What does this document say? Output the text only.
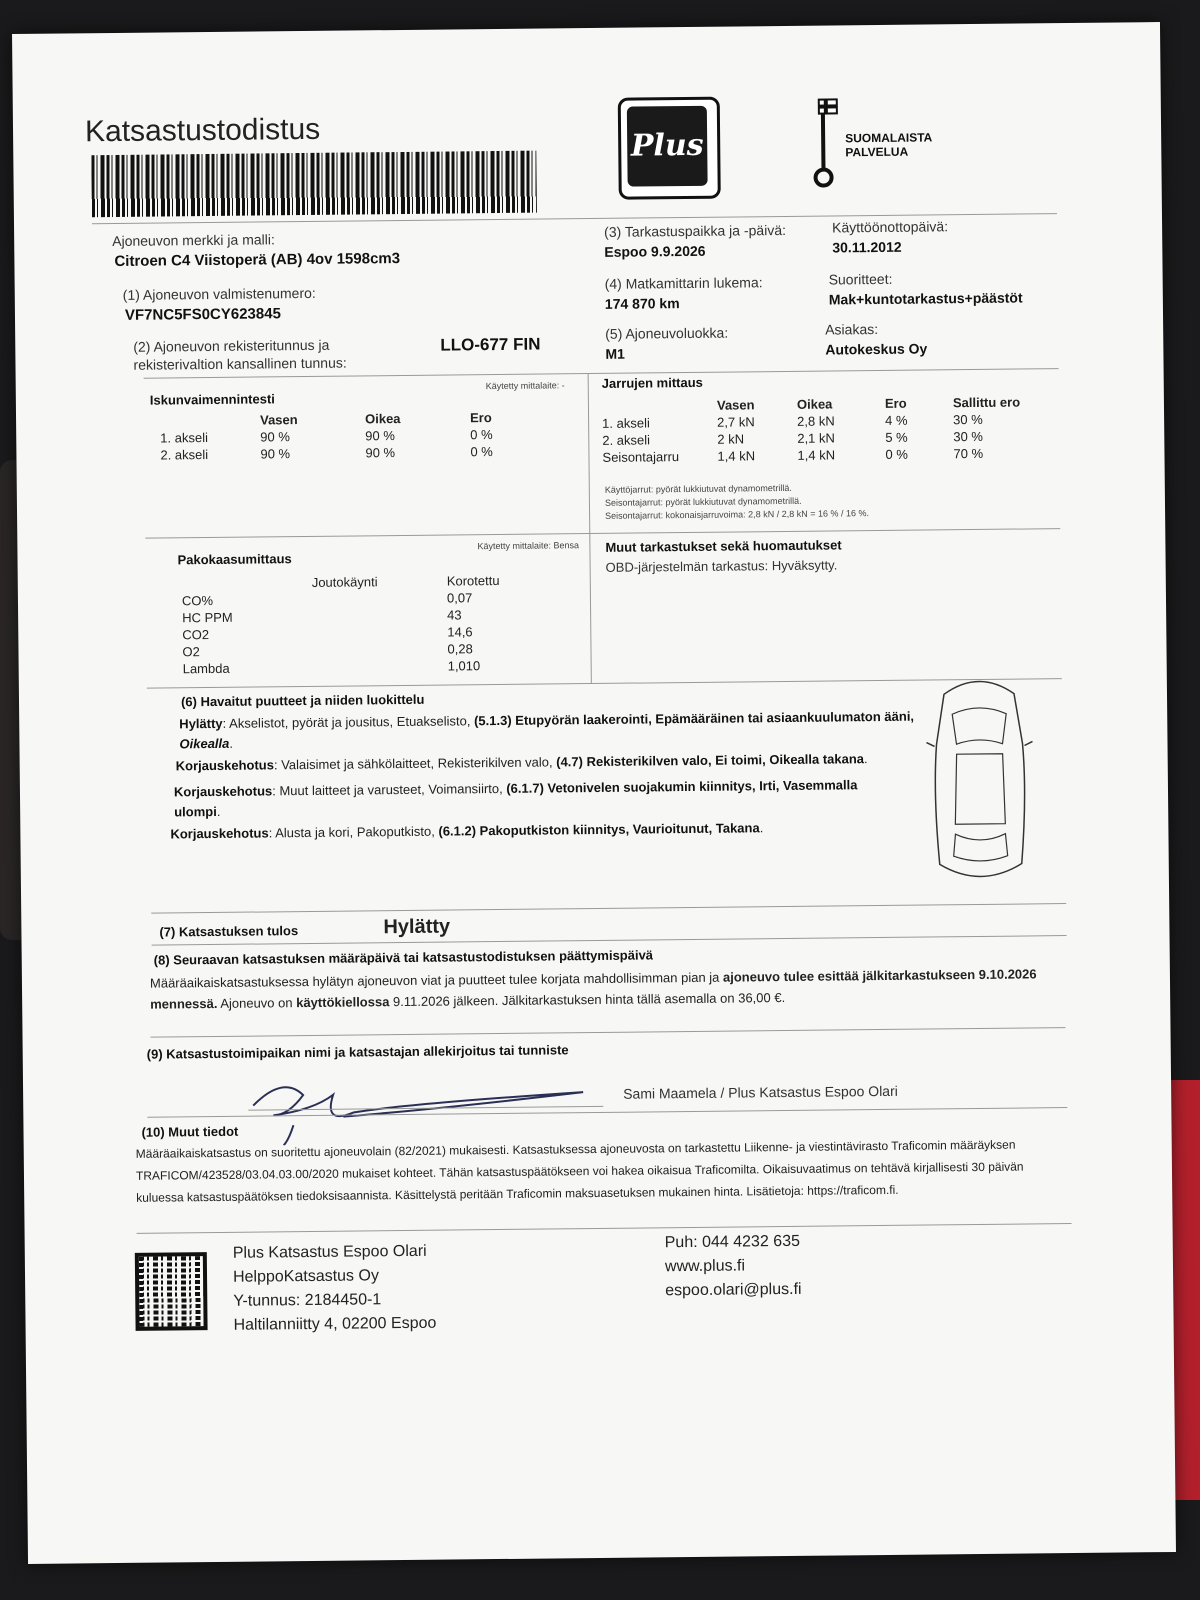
Katsastustodistus	Plus	SUOMALAISTA
PALVELUA
Ajoneuvon merkki ja malli:
Citroen C4 Viistoperä (AB) 4ov 1598cm3
(1) Ajoneuvon valmistenumero:
VF7NC5FS0CY623845
(2) Ajoneuvon rekisteritunnus ja
rekisterivaltion kansallinen tunnus:
LLO-677 FIN
(3) Tarkastuspaikka ja -päivä:
Espoo 9.9.2026
Käyttöönottopäivä:
30.11.2012
(4) Matkamittarin lukema:
174 870 km
Suoritteet:
Mak+kuntotarkastus+päästöt
(5) Ajoneuvoluokka:
M1
Asiakas:
Autokeskus Oy
Iskunvaimennintesti
Käytetty mittalaite: -
	Vasen	Oikea	Ero
1. akseli	90 %	90 %	0 %
2. akseli	90 %	90 %	0 %
Jarrujen mittaus
	Vasen	Oikea	Ero	Sallittu ero
1. akseli	2,7 kN	2,8 kN	4 %	30 %
2. akseli	2 kN	2,1 kN	5 %	30 %
Seisontajarru	1,4 kN	1,4 kN	0 %	70 %
Käyttöjarrut: pyörät lukkiutuvat dynamometrillä.
Seisontajarrut: pyörät lukkiutuvat dynamometrillä.
Seisontajarrut: kokonaisjarruvoima: 2,8 kN / 2,8 kN = 16 % / 16 %.
Pakokaasumittaus
Käytetty mittalaite: Bensa
	Joutokäynti	Korotettu
CO%		0,07
HC PPM		43
CO2		14,6
O2		0,28
Lambda		1,010
Muut tarkastukset sekä huomautukset
OBD-järjestelmän tarkastus: Hyväksytty.
(6) Havaitut puutteet ja niiden luokittelu
Hylätty: Akselistot, pyörät ja jousitus, Etuakselisto, (5.1.3) Etupyörän laakerointi, Epämääräinen tai asiaankuulumaton ääni, Oikealla.
Korjauskehotus: Valaisimet ja sähkölaitteet, Rekisterikilven valo, (4.7) Rekisterikilven valo, Ei toimi, Oikealla takana.
Korjauskehotus: Muut laitteet ja varusteet, Voimansiirto, (6.1.7) Vetonivelen suojakumin kiinnitys, Irti, Vasemmalla ulompi.
Korjauskehotus: Alusta ja kori, Pakoputkisto, (6.1.2) Pakoputkiston kiinnitys, Vaurioitunut, Takana.
(7) Katsastuksen tulos	Hylätty
(8) Seuraavan katsastuksen määräpäivä tai katsastustodistuksen päättymispäivä
Määräaikaiskatsastuksessa hylätyn ajoneuvon viat ja puutteet tulee korjata mahdollisimman pian ja ajoneuvo tulee esittää jälkitarkastukseen 9.10.2026 mennessä. Ajoneuvo on käyttökiellossa 9.11.2026 jälkeen. Jälkitarkastuksen hinta tällä asemalla on 36,00 €.
(9) Katsastustoimipaikan nimi ja katsastajan allekirjoitus tai tunniste
Sami Maamela / Plus Katsastus Espoo Olari
(10) Muut tiedot
Määräaikaiskatsastus on suoritettu ajoneuvolain (82/2021) mukaisesti. Katsastuksessa ajoneuvosta on tarkastettu Liikenne- ja viestintävirasto Traficomin määräyksen TRAFICOM/423528/03.04.03.00/2020 mukaiset kohteet. Tähän katsastuspäätökseen voi hakea oikaisua Traficomilta. Oikaisuvaatimus on tehtävä kirjallisesti 30 päivän kuluessa katsastuspäätöksen tiedoksisaannista. Käsittelystä peritään Traficomin maksuasetuksen mukainen hinta. Lisätietoja: https://traficom.fi.
Plus Katsastus Espoo Olari
HelppoKatsastus Oy
Y-tunnus: 2184450-1
Haltilanniitty 4, 02200 Espoo
Puh: 044 4232 635
www.plus.fi
espoo.olari@plus.fi
